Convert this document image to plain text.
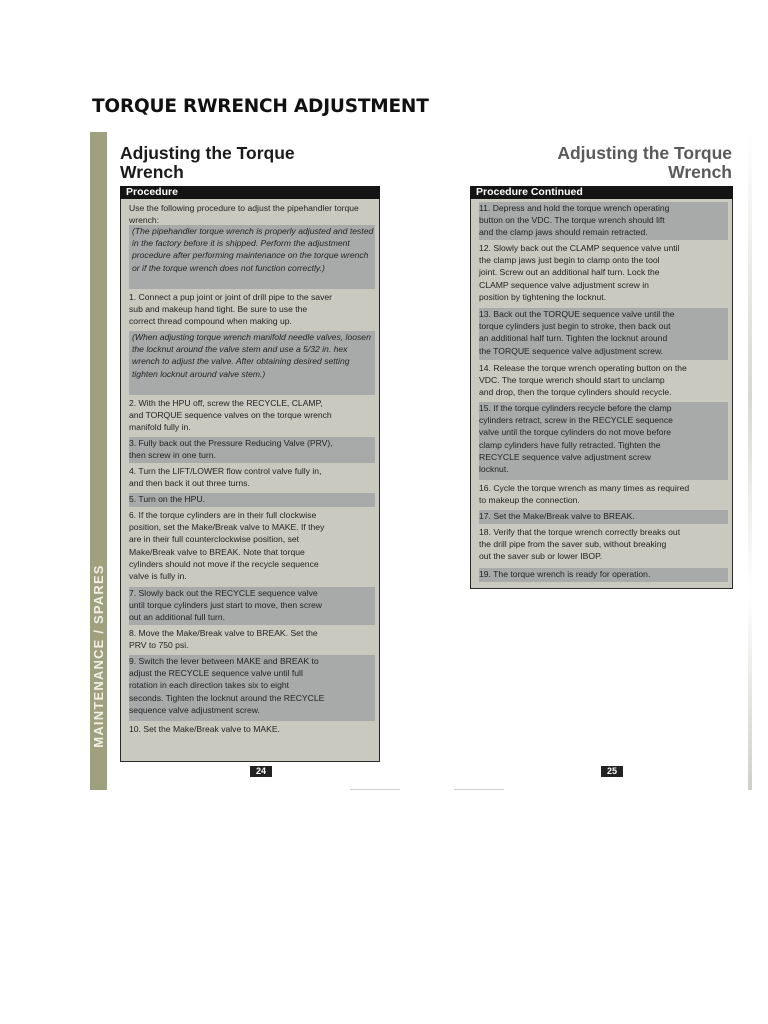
TORQUE RWRENCH ADJUSTMENT
MAINTENANCE / SPARES
Adjusting the Torque
Wrench
Procedure
Use the following procedure to adjust the pipehandler torque wrench:
(The pipehandler torque wrench is properly adjusted and tested in the factory before it is shipped. Perform the adjustment procedure after performing maintenance on the torque wrench or if the torque wrench does not function correctly.)
1. Connect a pup joint or joint of drill pipe to the saver
sub and makeup hand tight. Be sure to use the
correct thread compound when making up.
(When adjusting torque wrench manifold needle valves, loosen the locknut around the valve stem and use a 5/32 in. hex wrench to adjust the valve. After obtaining desired setting tighten locknut around valve stem.)
2. With the HPU off, screw the RECYCLE, CLAMP,
and TORQUE sequence valves on the torque wrench
manifold fully in.
3. Fully back out the Pressure Reducing Valve (PRV),
then screw in one turn.
4. Turn the LIFT/LOWER flow control valve fully in,
and then back it out three turns.
5. Turn on the HPU.
6. If the torque cylinders are in their full clockwise
position, set the Make/Break valve to MAKE. If they
are in their full counterclockwise position, set
Make/Break valve to BREAK. Note that torque
cylinders should not move if the recycle sequence
valve is fully in.
7. Slowly back out the RECYCLE sequence valve
until torque cylinders just start to move, then screw
out an additional full turn.
8. Move the Make/Break valve to BREAK. Set the
PRV to 750 psi.
9. Switch the lever between MAKE and BREAK to
adjust the RECYCLE sequence valve until full
rotation in each direction takes six to eight
seconds. Tighten the locknut around the RECYCLE
sequence valve adjustment screw.
10. Set the Make/Break valve to MAKE.
24
Adjusting the Torque
Wrench
Procedure Continued
11. Depress and hold the torque wrench operating
button on the VDC. The torque wrench should lift
and the clamp jaws should remain retracted.
12. Slowly back out the CLAMP sequence valve until
the clamp jaws just begin to clamp onto the tool
joint. Screw out an additional half turn. Lock the
CLAMP sequence valve adjustment screw in
position by tightening the locknut.
13. Back out the TORQUE sequence valve until the
torque cylinders just begin to stroke, then back out
an additional half turn. Tighten the locknut around
the TORQUE sequence valve adjustment screw.
14. Release the torque wrench operating button on the
VDC. The torque wrench should start to unclamp
and drop, then the torque cylinders should recycle.
15. If the torque cylinders recycle before the clamp
cylinders retract, screw in the RECYCLE sequence
valve until the torque cylinders do not move before
clamp cylinders have fully retracted. Tighten the
RECYCLE sequence valve adjustment screw
locknut.
16. Cycle the torque wrench as many times as required
to makeup the connection.
17. Set the Make/Break valve to BREAK.
18. Verify that the torque wrench correctly breaks out
the drill pipe from the saver sub, without breaking
out the saver sub or lower IBOP.
19. The torque wrench is ready for operation.
25
